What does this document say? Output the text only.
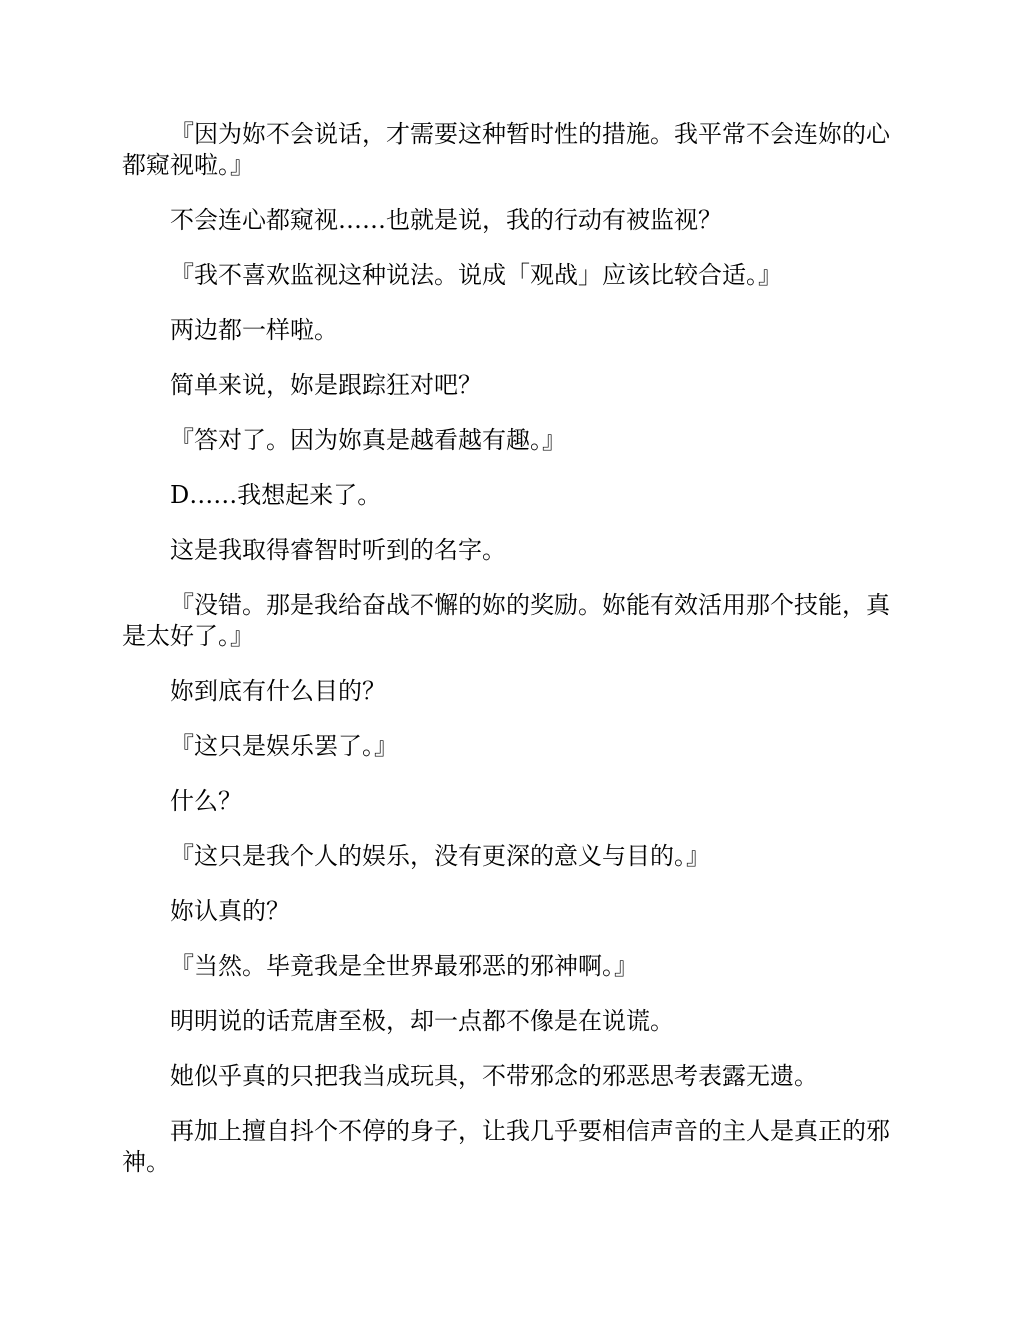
『因为妳不会说话，才需要这种暂时性的措施。我平常不会连妳的心都窥视啦。』

不会连心都窥视……也就是说，我的行动有被监视？

『我不喜欢监视这种说法。说成「观战」应该比较合适。』

两边都一样啦。

简单来说，妳是跟踪狂对吧？

『答对了。因为妳真是越看越有趣。』

D……我想起来了。

这是我取得睿智时听到的名字。

『没错。那是我给奋战不懈的妳的奖励。妳能有效活用那个技能，真是太好了。』

妳到底有什么目的？

『这只是娱乐罢了。』

什么？

『这只是我个人的娱乐，没有更深的意义与目的。』

妳认真的？

『当然。毕竟我是全世界最邪恶的邪神啊。』

明明说的话荒唐至极，却一点都不像是在说谎。

她似乎真的只把我当成玩具，不带邪念的邪恶思考表露无遗。

再加上擅自抖个不停的身子，让我几乎要相信声音的主人是真正的邪神。
